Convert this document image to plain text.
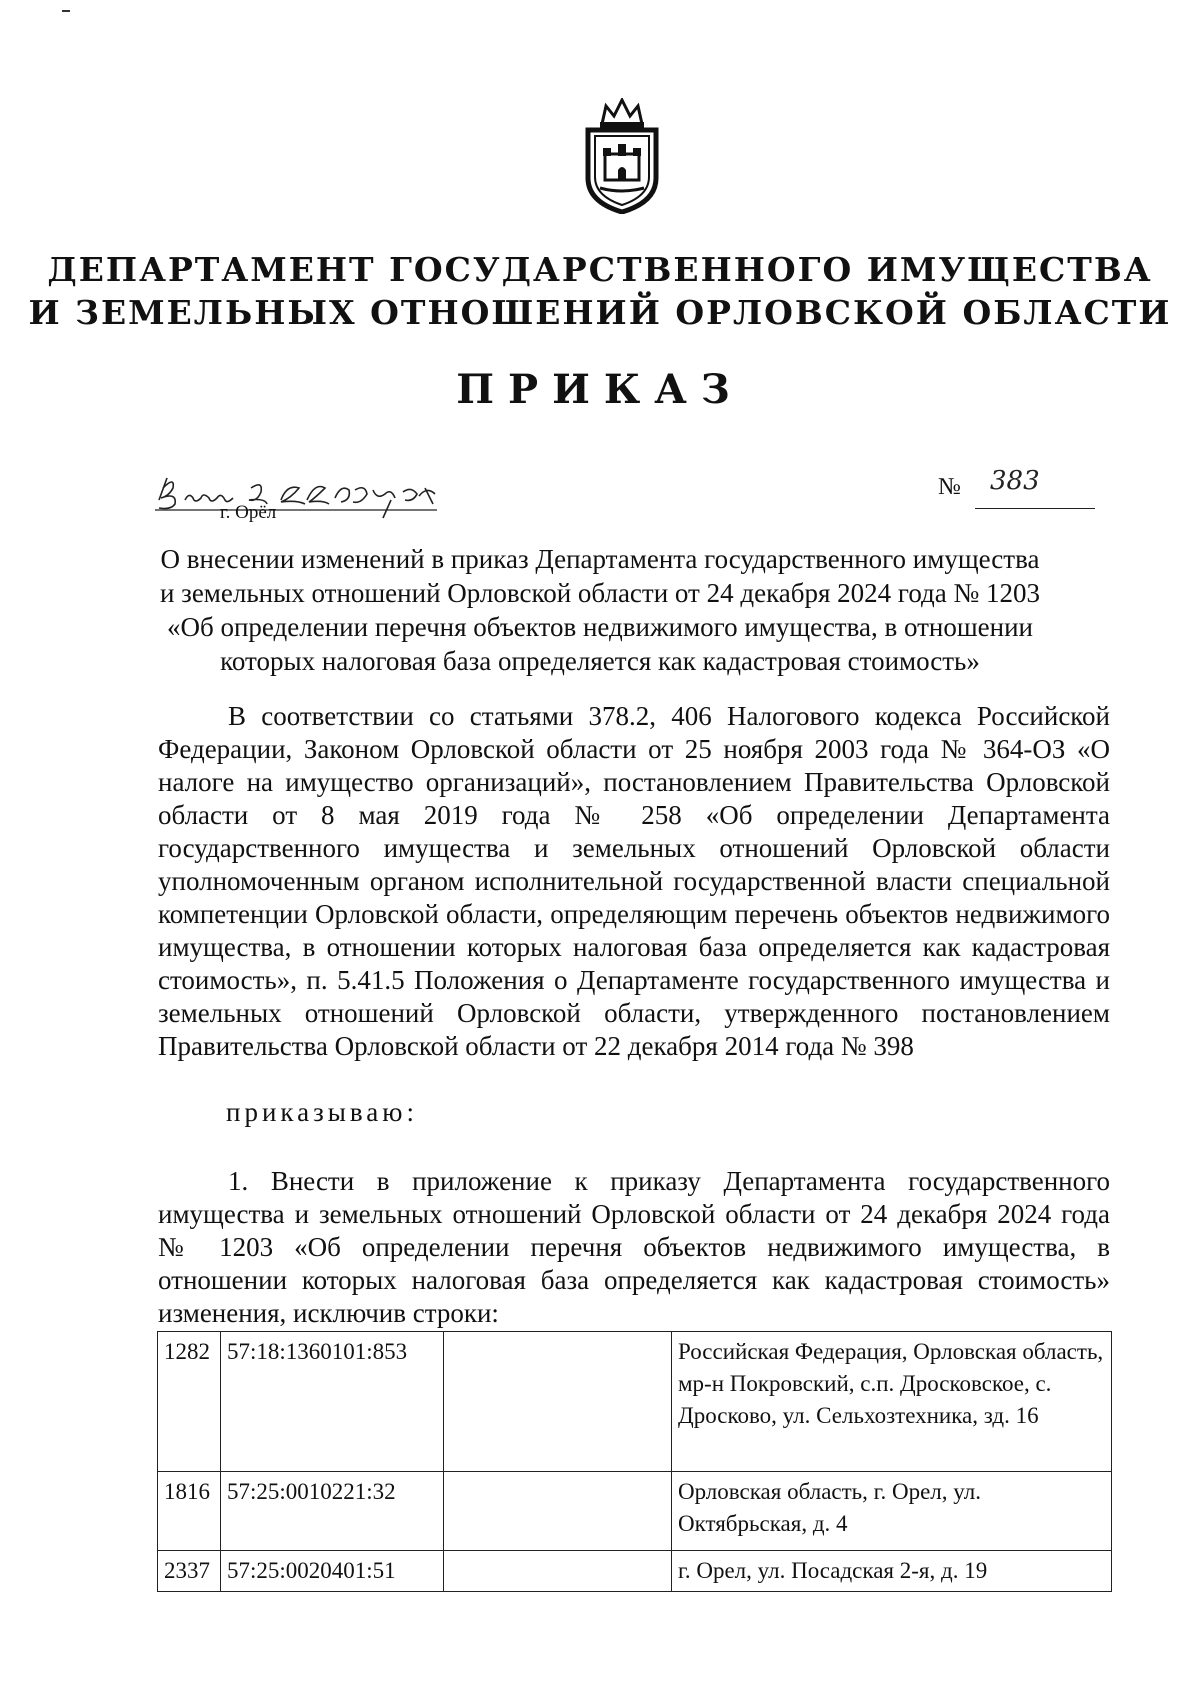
ДЕПАРТАМЕНТ ГОСУДАРСТВЕННОГО ИМУЩЕСТВА
И ЗЕМЕЛЬНЫХ ОТНОШЕНИЙ ОРЛОВСКОЙ ОБЛАСТИ
ПРИКАЗ
г. Орёл
№ 383
О внесении изменений в приказ Департамента государственного имущества и земельных отношений Орловской области от 24 декабря 2024 года № 1203 «Об определении перечня объектов недвижимого имущества, в отношении которых налоговая база определяется как кадастровая стоимость»
В соответствии со статьями 378.2, 406 Налогового кодекса Российской Федерации, Законом Орловской области от 25 ноября 2003 года № 364-ОЗ «О налоге на имущество организаций», постановлением Правительства Орловской области от 8 мая 2019 года № 258 «Об определении Департамента государственного имущества и земельных отношений Орловской области уполномоченным органом исполнительной государственной власти специальной компетенции Орловской области, определяющим перечень объектов недвижимого имущества, в отношении которых налоговая база определяется как кадастровая стоимость», п. 5.41.5 Положения о Департаменте государственного имущества и земельных отношений Орловской области, утвержденного постановлением Правительства Орловской области от 22 декабря 2014 года № 398
приказываю:
1. Внести в приложение к приказу Департамента государственного имущества и земельных отношений Орловской области от 24 декабря 2024 года № 1203 «Об определении перечня объектов недвижимого имущества, в отношении которых налоговая база определяется как кадастровая стоимость» изменения, исключив строки:
1282	57:18:1360101:853		Российская Федерация, Орловская область, мр-н Покровский, с.п. Дросковское, с. Дросково, ул. Сельхозтехника, зд. 16
1816	57:25:0010221:32		Орловская область, г. Орел, ул. Октябрьская, д. 4
2337	57:25:0020401:51		г. Орел, ул. Посадская 2-я, д. 19
